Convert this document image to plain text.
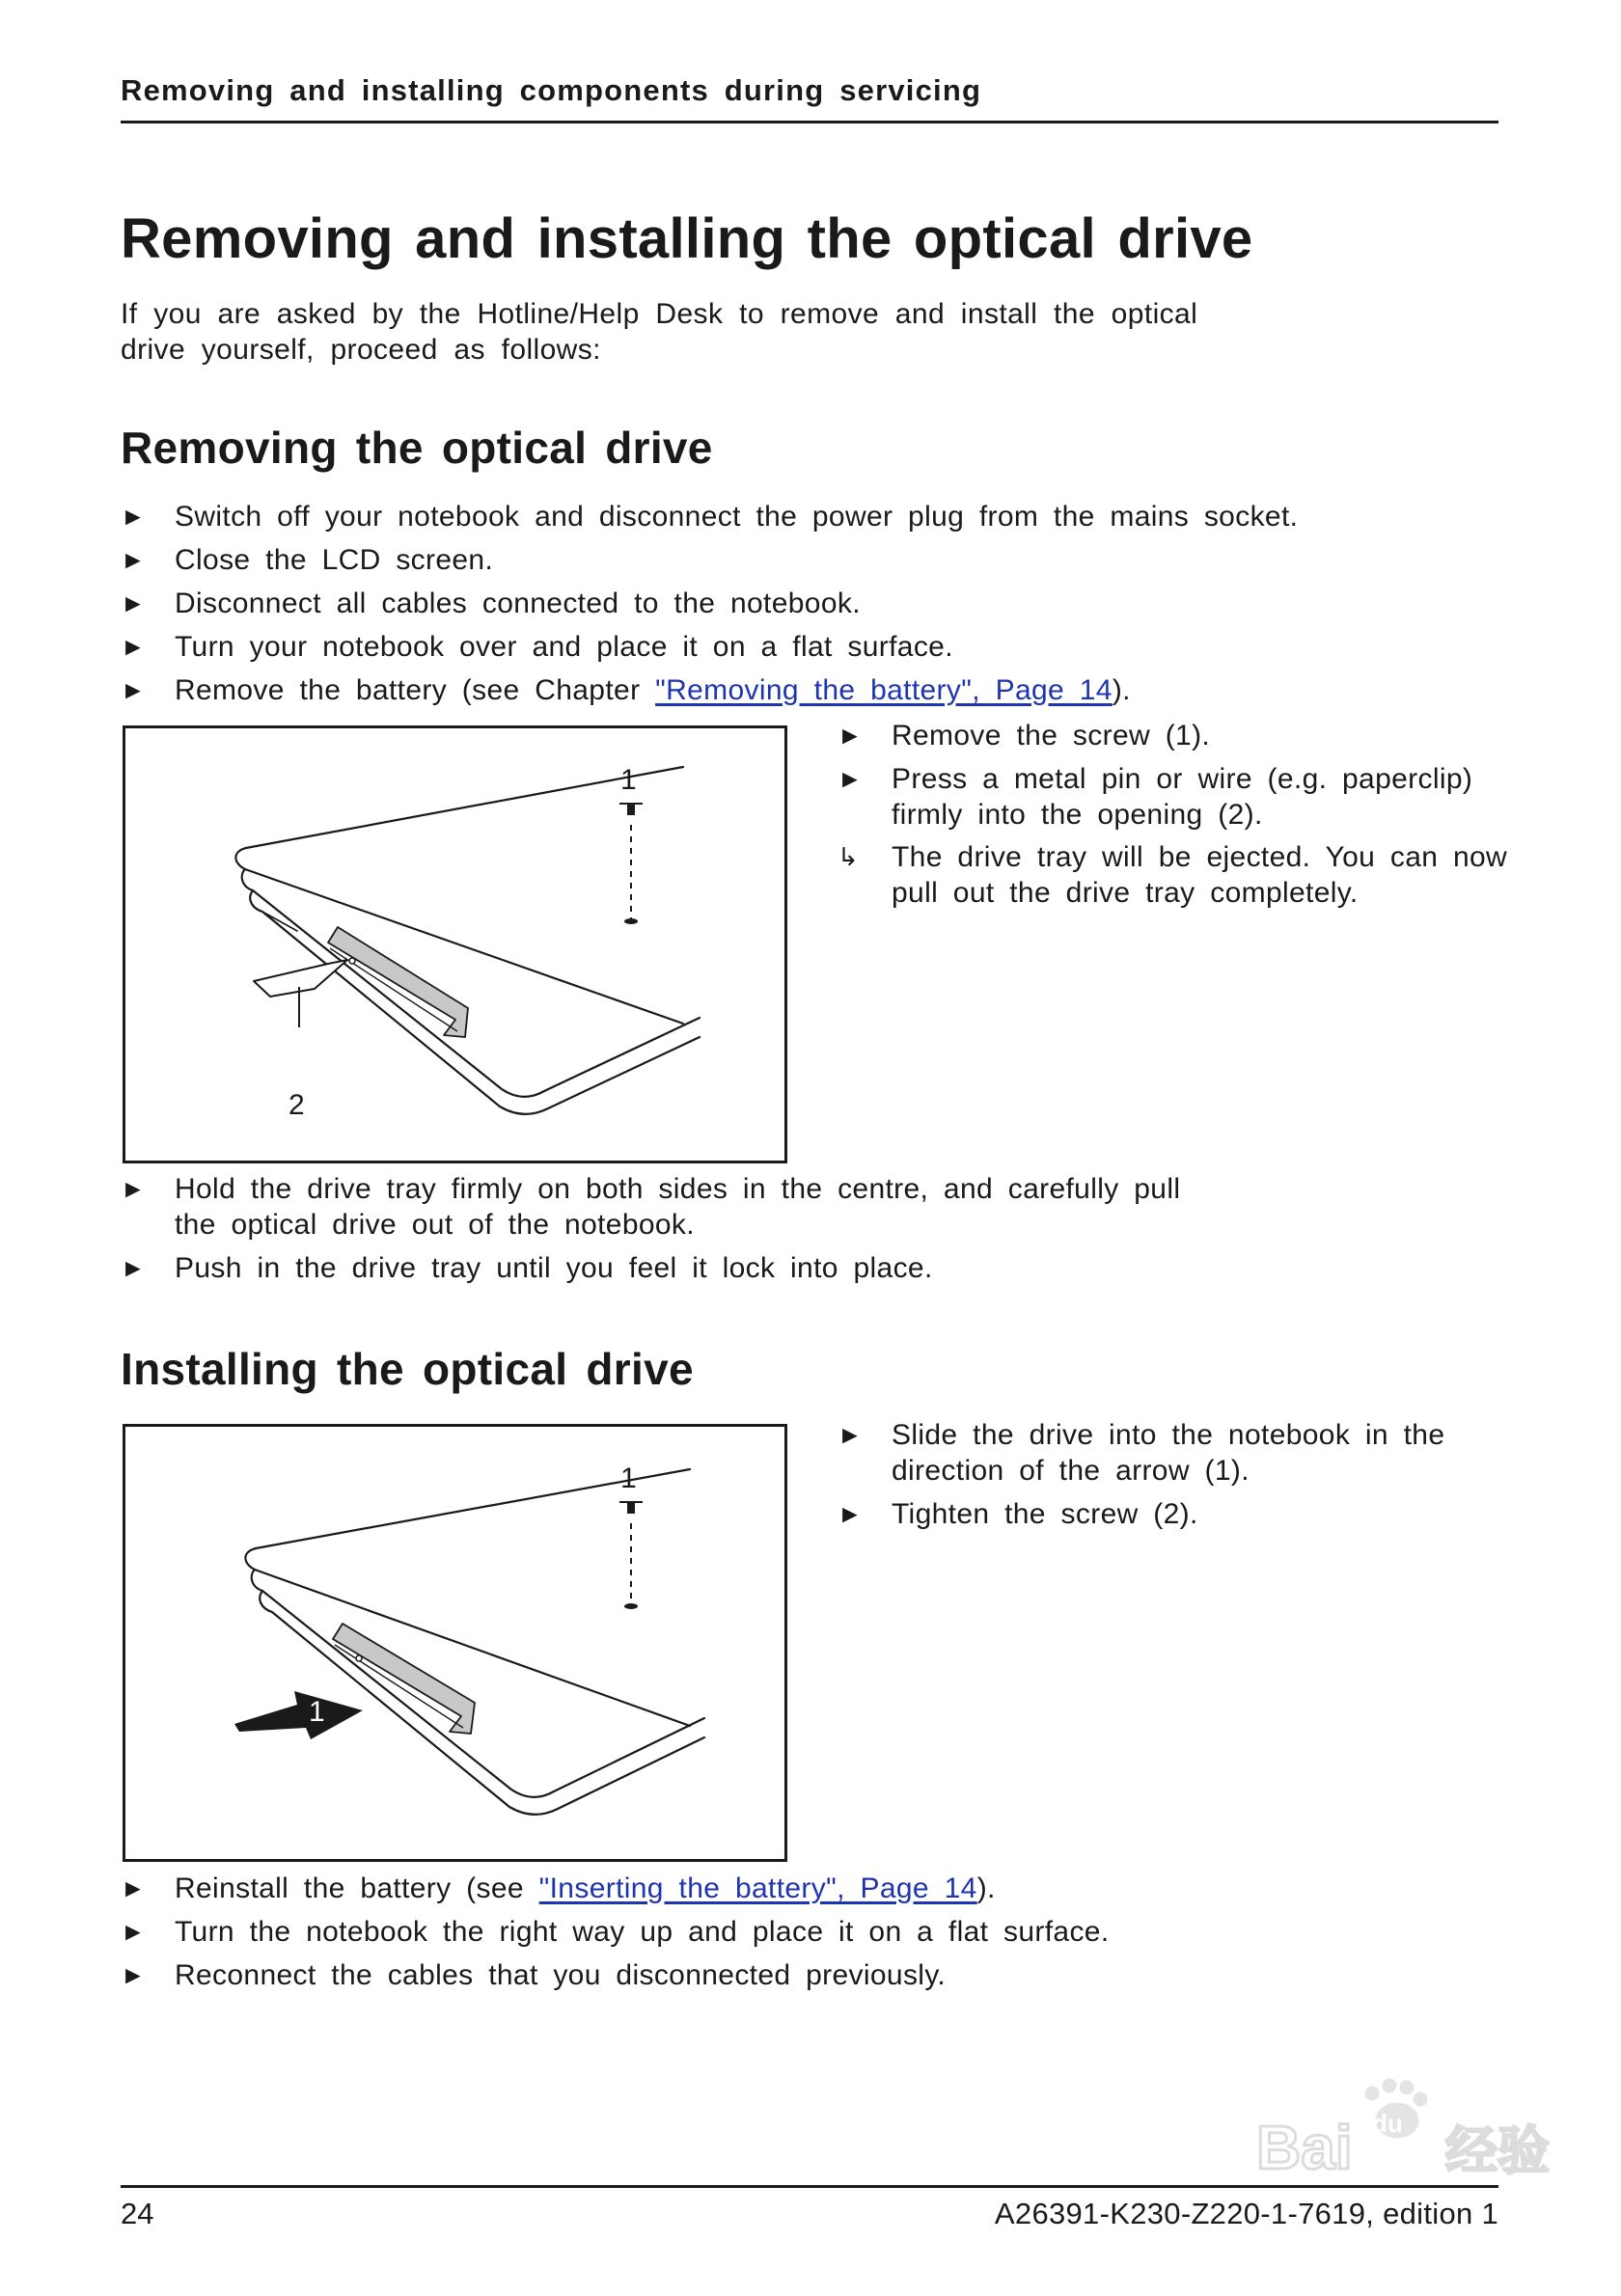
Removing and installing components during servicing
Removing and installing the optical drive
If you are asked by the Hotline/Help Desk to remove and install the optical drive yourself, proceed as follows:
Removing the optical drive
► Switch off your notebook and disconnect the power plug from the mains socket.
► Close the LCD screen.
► Disconnect all cables connected to the notebook.
► Turn your notebook over and place it on a flat surface.
► Remove the battery (see Chapter "Removing the battery", Page 14).
1
2
► Remove the screw (1).
► Press a metal pin or wire (e.g. paperclip) firmly into the opening (2).
↳ The drive tray will be ejected. You can now pull out the drive tray completely.
► Hold the drive tray firmly on both sides in the centre, and carefully pull the optical drive out of the notebook.
► Push in the drive tray until you feel it lock into place.
Installing the optical drive
1
1
► Slide the drive into the notebook in the direction of the arrow (1).
► Tighten the screw (2).
► Reinstall the battery (see "Inserting the battery", Page 14).
► Turn the notebook the right way up and place it on a flat surface.
► Reconnect the cables that you disconnected previously.
Bai du 经验
24	A26391-K230-Z220-1-7619, edition 1
